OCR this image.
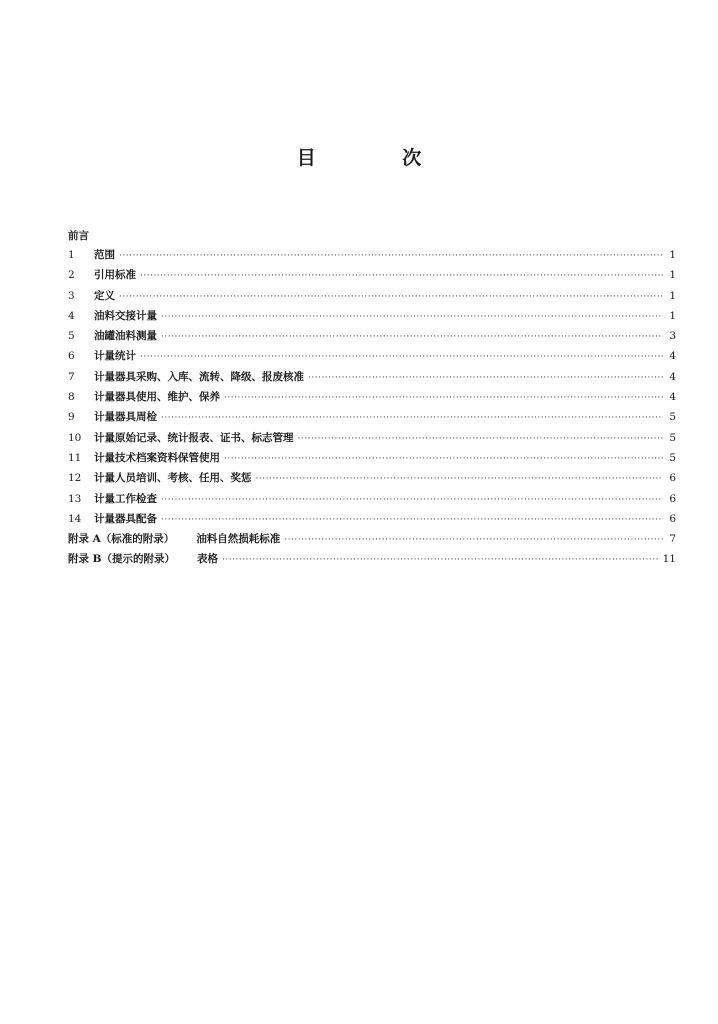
目 次
前言
1	范围 ·····	1
2	引用标准 ·····	1
3	定义 ·····	1
4	油料交接计量 ·····	1
5	油罐油料测量 ·····	3
6	计量统计 ·····	4
7	计量器具采购、入库、流转、降级、报废核准 ·····	4
8	计量器具使用、维护、保养 ·····	4
9	计量器具周检 ·····	5
10	计量原始记录、统计报表、证书、标志管理 ·····	5
11	计量技术档案资料保管使用 ·····	5
12	计量人员培训、考核、任用、奖惩 ·····	6
13	计量工作检查 ·····	6
14	计量器具配备 ·····	6
附录 A（标准的附录）	油料自然损耗标准 ·····	7
附录 B（提示的附录）	表格 ·····	11
